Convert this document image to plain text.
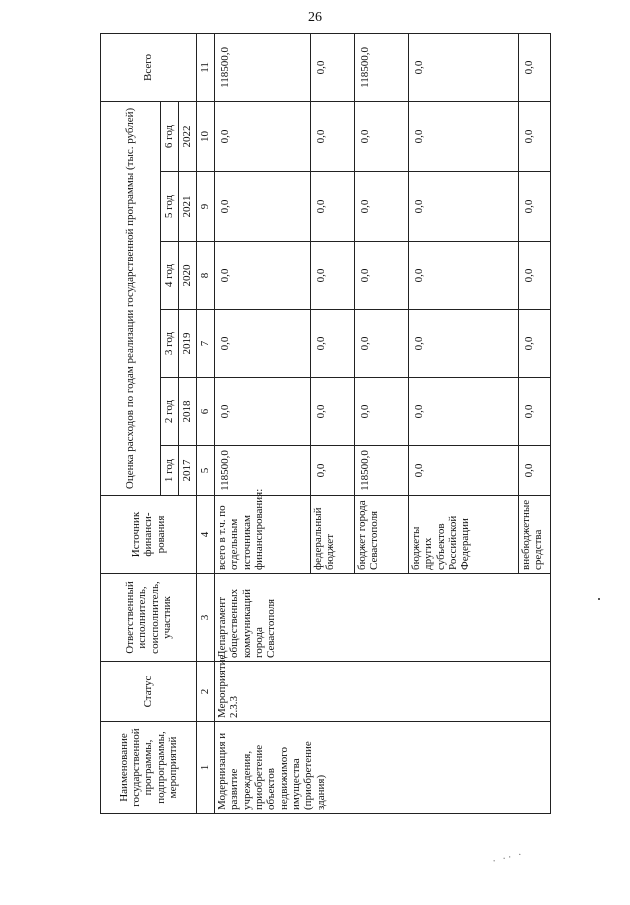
26
Наименование государственной программы, подпрограммы, мероприятий	Статус	Ответственный исполнитель, соисполнитель, участник	Источник финанси-рования	Оценка расходов по годам реализации государственной программы (тыс. рублей)						Всего
				1 год	2 год	3 год	4 год	5 год	6 год	
				2017	2018	2019	2020	2021	2022	
1	2	3	4	5	6	7	8	9	10	11
Модернизация и развитие учреждения, приобретение объектов недвижимого имущества (приобретение здания)	Мероприятие 2.3.3	Департамент общественных коммуникаций города Севастополя	всего в т.ч. по отдельным источникам финансирования:	118500,0	0,0	0,0	0,0	0,0	0,0	118500,0
			федеральный бюджет	0,0	0,0	0,0	0,0	0,0	0,0	0,0
			бюджет города Севастополя	118500,0	0,0	0,0	0,0	0,0	0,0	118500,0
			бюджеты других субъектов Российской Федерации	0,0	0,0	0,0	0,0	0,0	0,0	0,0
			внебюджетные средства	0,0	0,0	0,0	0,0	0,0	0,0	0,0
· ·· ·
